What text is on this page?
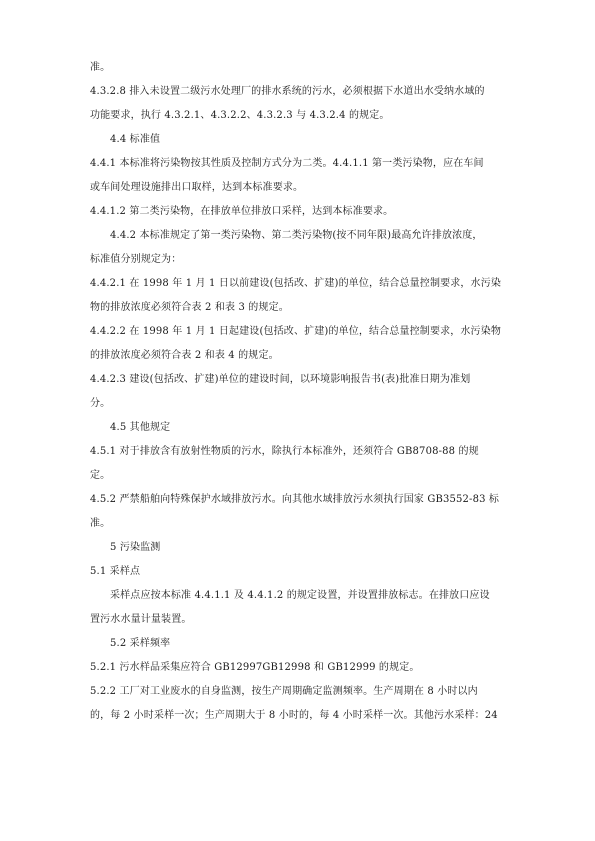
准。
4.3.2.8 排入未设置二级污水处理厂的排水系统的污水，必须根据下水道出水受纳水域的
功能要求，执行 4.3.2.1、4.3.2.2、4.3.2.3 与 4.3.2.4 的规定。
4.4 标准值
4.4.1 本标准将污染物按其性质及控制方式分为二类。4.4.1.1 第一类污染物，应在车间
或车间处理设施排出口取样，达到本标准要求。
4.4.1.2 第二类污染物，在排放单位排放口采样，达到本标准要求。
4.4.2 本标准规定了第一类污染物、第二类污染物(按不同年限)最高允许排放浓度，
标准值分别规定为：
4.4.2.1 在 1998 年 1 月 1 日以前建设(包括改、扩建)的单位，结合总量控制要求，水污染
物的排放浓度必须符合表 2 和表 3 的规定。
4.4.2.2 在 1998 年 1 月 1 日起建设(包括改、扩建)的单位，结合总量控制要求，水污染物
的排放浓度必须符合表 2 和表 4 的规定。
4.4.2.3 建设(包括改、扩建)单位的建设时间，以环境影响报告书(表)批准日期为准划
分。
4.5 其他规定
4.5.1 对于排放含有放射性物质的污水，除执行本标准外，还须符合 GB8708-88 的规
定。
4.5.2 严禁船舶向特殊保护水域排放污水。向其他水域排放污水须执行国家 GB3552-83 标
准。
5 污染监测
5.1 采样点
采样点应按本标准 4.4.1.1 及 4.4.1.2 的规定设置，并设置排放标志。在排放口应设
置污水水量计量装置。
5.2 采样频率
5.2.1 污水样品采集应符合 GB12997GB12998 和 GB12999 的规定。
5.2.2 工厂对工业废水的自身监测，按生产周期确定监测频率。生产周期在 8 小时以内
的，每 2 小时采样一次；生产周期大于 8 小时的，每 4 小时采样一次。其他污水采样：24
